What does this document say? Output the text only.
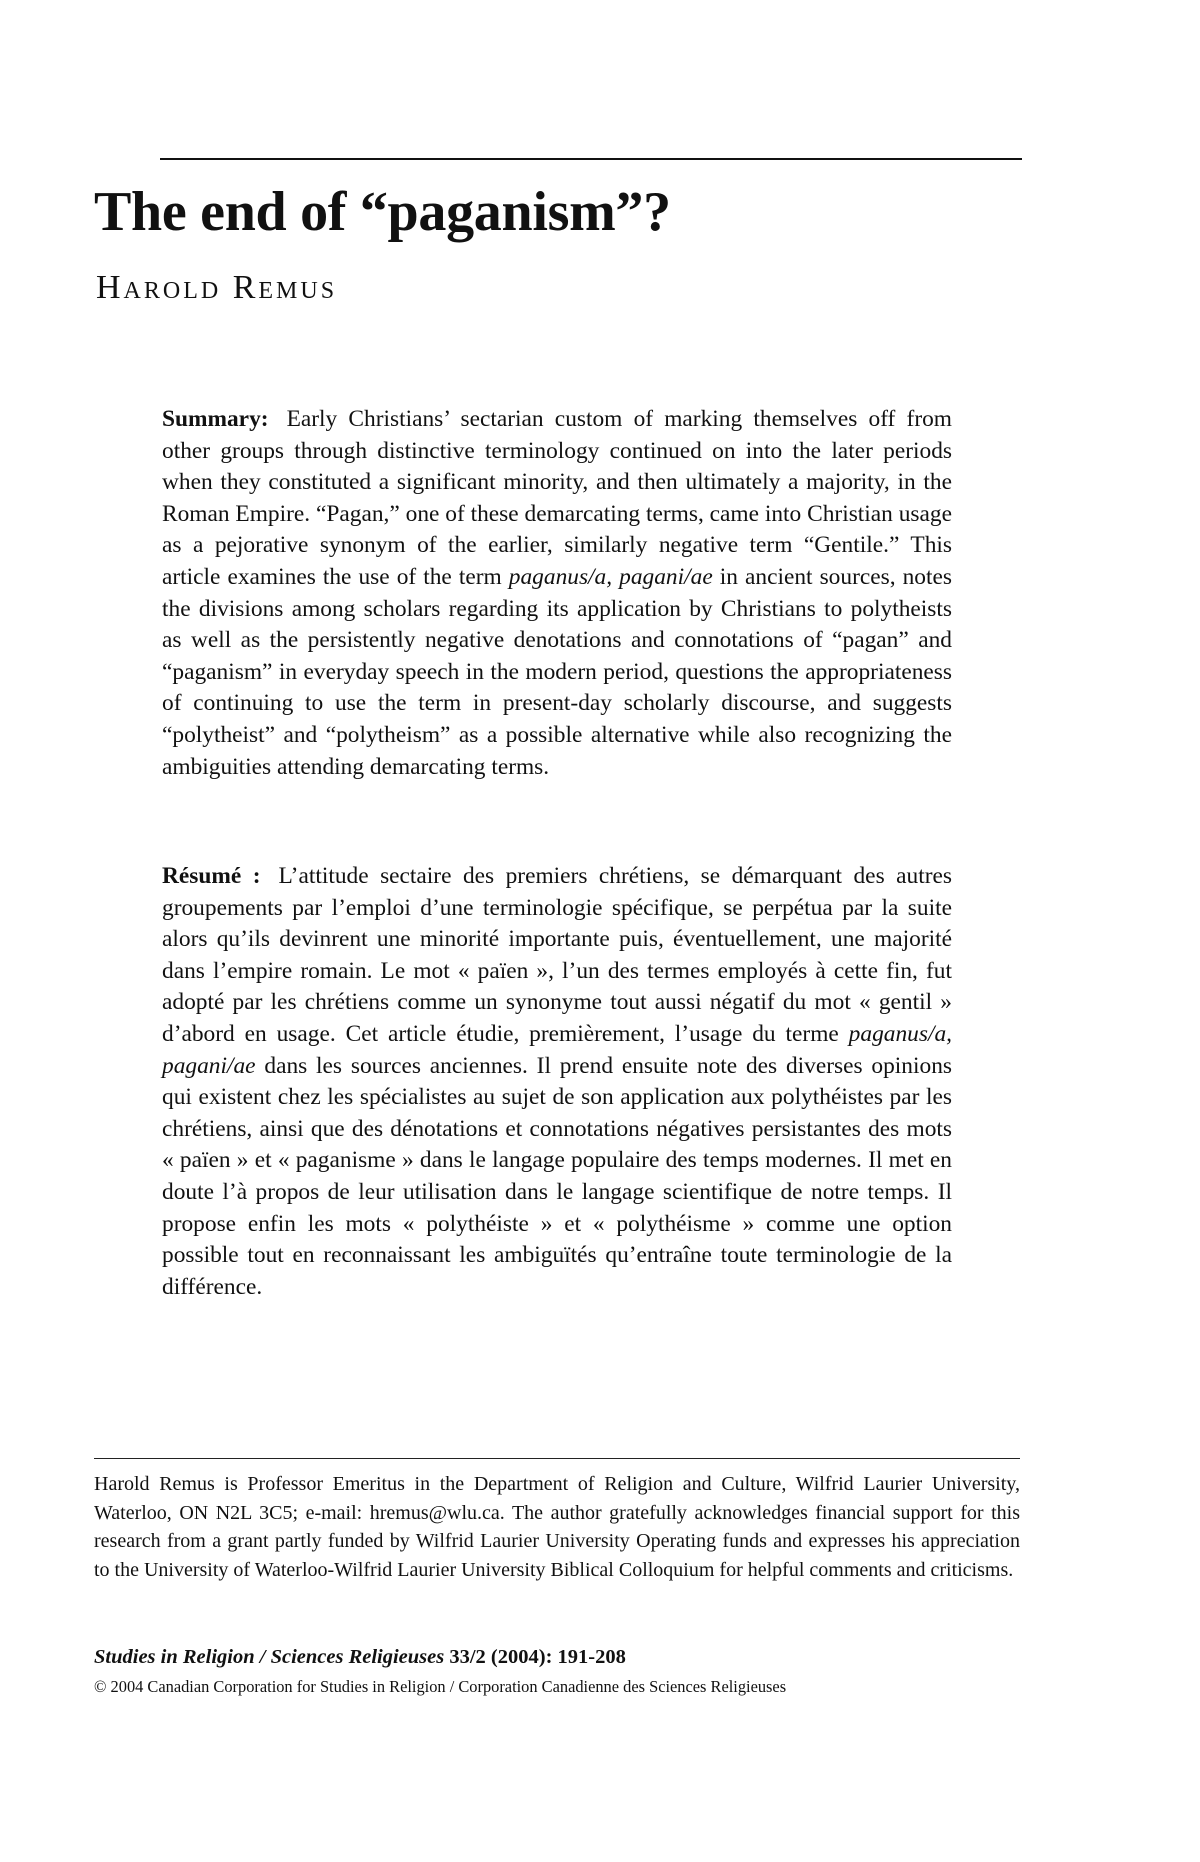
The end of “paganism”?
Harold Remus

Summary: Early Christians’ sectarian custom of marking themselves off from other groups through distinctive terminology continued on into the later periods when they constituted a significant minority, and then ultimately a majority, in the Roman Empire. “Pagan,” one of these demarcating terms, came into Christian usage as a pejorative synonym of the earlier, similarly negative term “Gentile.” This article examines the use of the term paganus/a, pagani/ae in ancient sources, notes the divisions among scholars regarding its application by Christians to polytheists as well as the persistently negative denotations and connotations of “pagan” and “paganism” in everyday speech in the modern period, questions the appropriateness of continuing to use the term in present-day scholarly discourse, and suggests “polytheist” and “polytheism” as a possible alternative while also recognizing the ambiguities attending demarcating terms.

Résumé : L’attitude sectaire des premiers chrétiens, se démarquant des autres groupements par l’emploi d’une terminologie spécifique, se perpétua par la suite alors qu’ils devinrent une minorité importante puis, éventuellement, une majorité dans l’empire romain. Le mot « païen », l’un des termes employés à cette fin, fut adopté par les chrétiens comme un synonyme tout aussi négatif du mot « gentil » d’abord en usage. Cet article étudie, premièrement, l’usage du terme paganus/a, pagani/ae dans les sources anciennes. Il prend ensuite note des diverses opinions qui existent chez les spécialistes au sujet de son application aux polythéistes par les chrétiens, ainsi que des dénotations et connotations négatives persistantes des mots « païen » et « paganisme » dans le langage populaire des temps modernes. Il met en doute l’à propos de leur utilisation dans le langage scientifique de notre temps. Il propose enfin les mots « polythéiste » et « polythéisme » comme une option possible tout en reconnaissant les ambiguïtés qu’entraîne toute terminologie de la différence.

Harold Remus is Professor Emeritus in the Department of Religion and Culture, Wilfrid Laurier University, Waterloo, ON N2L 3C5; e-mail: hremus@wlu.ca. The author gratefully acknowledges financial support for this research from a grant partly funded by Wilfrid Laurier University Operating funds and expresses his appreciation to the University of Waterloo-Wilfrid Laurier University Biblical Colloquium for helpful comments and criticisms.

Studies in Religion / Sciences Religieuses 33/2 (2004): 191-208

© 2004 Canadian Corporation for Studies in Religion / Corporation Canadienne des Sciences Religieuses
